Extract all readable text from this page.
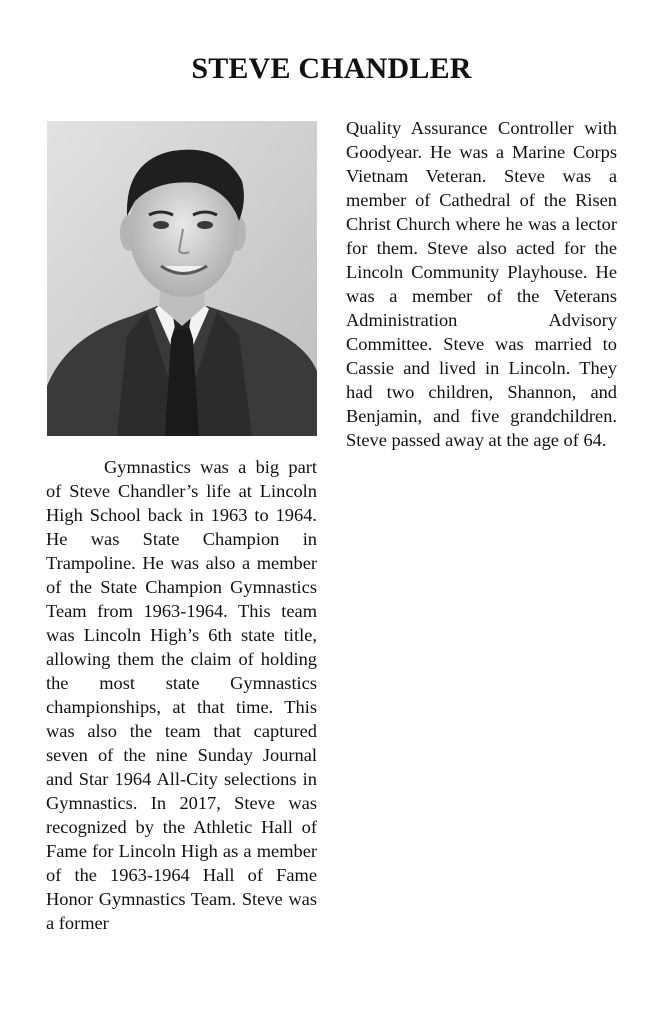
STEVE CHANDLER

Gymnastics was a big part of Steve Chandler’s life at Lincoln High School back in 1963 to 1964. He was State Champion in Trampoline. He was also a member of the State Champion Gymnastics Team from 1963-1964. This team was Lincoln High’s 6th state title, allowing them the claim of holding the most state Gymnastics championships, at that time. This was also the team that captured seven of the nine Sunday Journal and Star 1964 All-City selections in Gymnastics. In 2017, Steve was recognized by the Athletic Hall of Fame for Lincoln High as a member of the 1963-1964 Hall of Fame Honor Gymnastics Team. Steve was a former

Quality Assurance Controller with Goodyear. He was a Marine Corps Vietnam Veteran. Steve was a member of Cathedral of the Risen Christ Church where he was a lector for them. Steve also acted for the Lincoln Community Playhouse. He was a member of the Veterans Administration Advisory Committee. Steve was married to Cassie and lived in Lincoln. They had two children, Shannon, and Benjamin, and five grandchildren. Steve passed away at the age of 64.
